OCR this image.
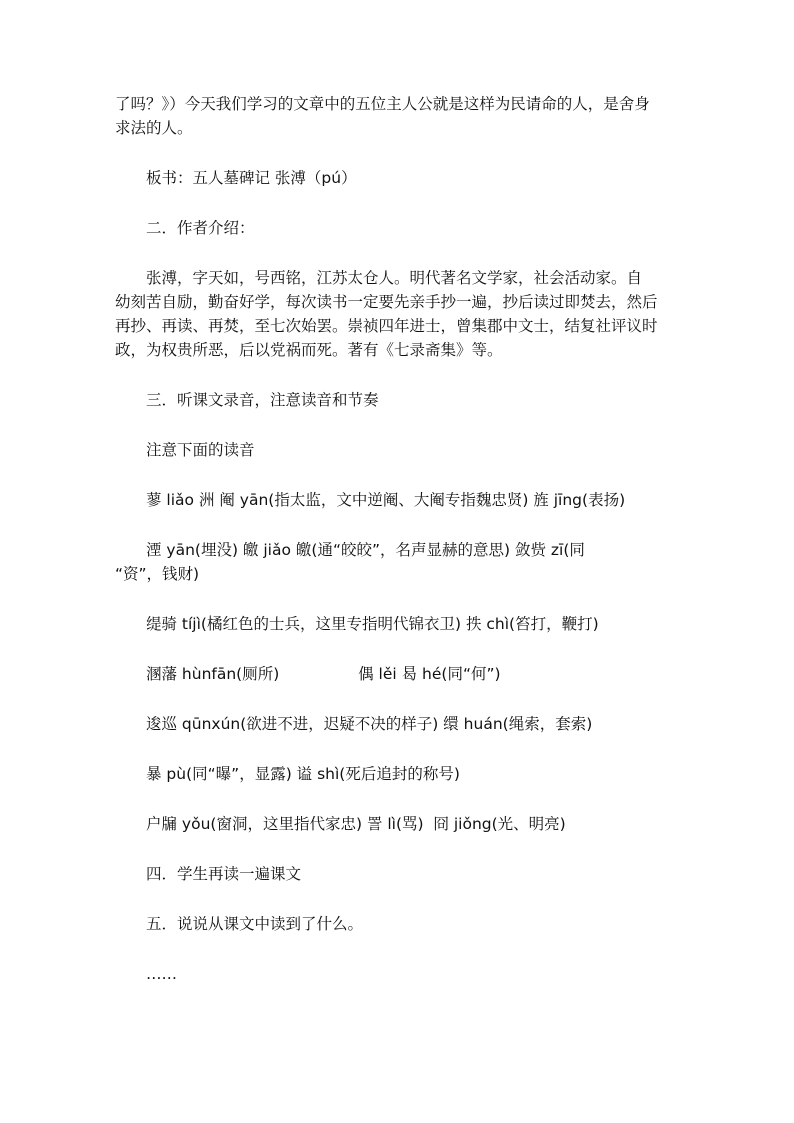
了吗？》）今天我们学习的文章中的五位主人公就是这样为民请命的人，是舍身
求法的人。

板书：五人墓碑记 张溥（pú）

二．作者介绍：

张溥，字天如，号西铭，江苏太仓人。明代著名文学家，社会活动家。自
幼刻苦自励，勤奋好学，每次读书一定要先亲手抄一遍，抄后读过即焚去，然后
再抄、再读、再焚，至七次始罢。崇祯四年进士，曾集郡中文士，结复社评议时
政，为权贵所恶，后以党祸而死。著有《七录斋集》等。

三．听课文录音，注意读音和节奏

注意下面的读音

蓼 liǎo 洲 阉 yān(指太监，文中逆阉、大阉专指魏忠贤) 旌 jīng(表扬)

湮 yān(埋没) 皦 jiǎo 皦(通“皎皎”，名声显赫的意思) 敛赀 zī(同
“资”，钱财)

缇骑 tíjì(橘红色的士兵，这里专指明代锦衣卫) 抶 chì(笞打，鞭打)

溷藩 hùnfān(厕所)                偶 lěi 曷 hé(同“何”)

逡巡 qūnxún(欲进不进，迟疑不决的样子) 缳 huán(绳索，套索)

暴 pù(同“曝”，显露) 谥 shì(死后追封的称号)

户牖 yǒu(窗洞，这里指代家忠) 詈 lì(骂)  冏 jiǒng(光、明亮)

四．学生再读一遍课文

五．说说从课文中读到了什么。

……
